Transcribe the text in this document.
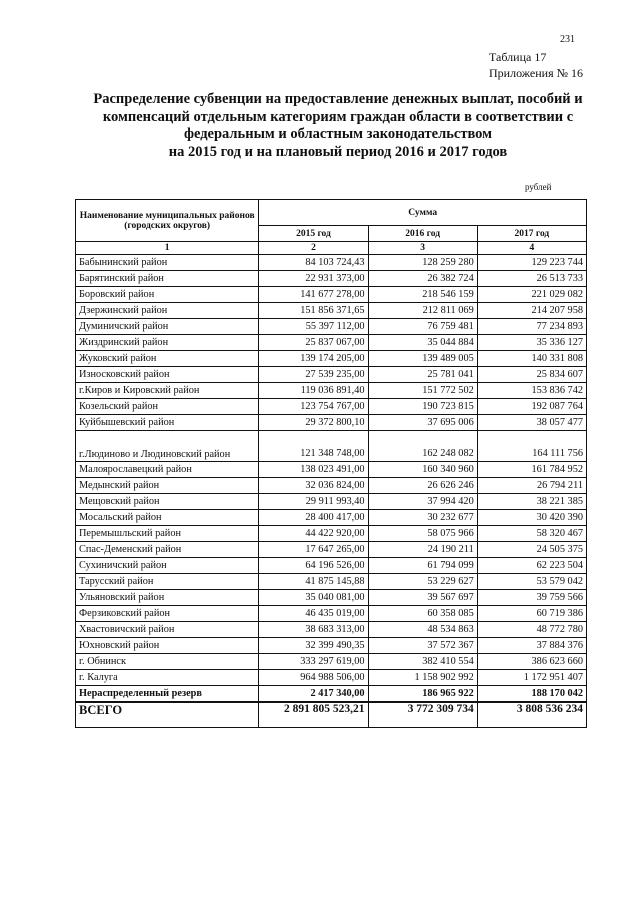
231
Таблица 17
Приложения № 16
Распределение субвенции на предоставление денежных выплат, пособий и
компенсаций отдельным категориям граждан области в соответствии с
федеральным и областным законодательством
на 2015 год и на плановый период 2016 и 2017 годов
рублей
Наименование муниципальных районов (городских округов)	Сумма		
	2015 год	2016 год	2017 год
1	2	3	4
Бабынинский район	84 103 724,43	128 259 280	129 223 744
Барятинский район	22 931 373,00	26 382 724	26 513 733
Боровский район	141 677 278,00	218 546 159	221 029 082
Дзержинский район	151 856 371,65	212 811 069	214 207 958
Думиничский район	55 397 112,00	76 759 481	77 234 893
Жиздринский район	25 837 067,00	35 044 884	35 336 127
Жуковский район	139 174 205,00	139 489 005	140 331 808
Износковский район	27 539 235,00	25 781 041	25 834 607
г.Киров и Кировский район	119 036 891,40	151 772 502	153 836 742
Козельский район	123 754 767,00	190 723 815	192 087 764
Куйбышевский район	29 372 800,10	37 695 006	38 057 477
г.Людиново и Людиновский район	121 348 748,00	162 248 082	164 111 756
Малоярославецкий район	138 023 491,00	160 340 960	161 784 952
Медынский район	32 036 824,00	26 626 246	26 794 211
Мещовский район	29 911 993,40	37 994 420	38 221 385
Мосальский район	28 400 417,00	30 232 677	30 420 390
Перемышльский район	44 422 920,00	58 075 966	58 320 467
Спас-Деменский район	17 647 265,00	24 190 211	24 505 375
Сухиничский район	64 196 526,00	61 794 099	62 223 504
Тарусский район	41 875 145,88	53 229 627	53 579 042
Ульяновский район	35 040 081,00	39 567 697	39 759 566
Ферзиковский район	46 435 019,00	60 358 085	60 719 386
Хвастовичский район	38 683 313,00	48 534 863	48 772 780
Юхновский район	32 399 490,35	37 572 367	37 884 376
г. Обнинск	333 297 619,00	382 410 554	386 623 660
г. Калуга	964 988 506,00	1 158 902 992	1 172 951 407
Нераспределенный резерв	2 417 340,00	186 965 922	188 170 042
ВСЕГО	2 891 805 523,21	3 772 309 734	3 808 536 234
